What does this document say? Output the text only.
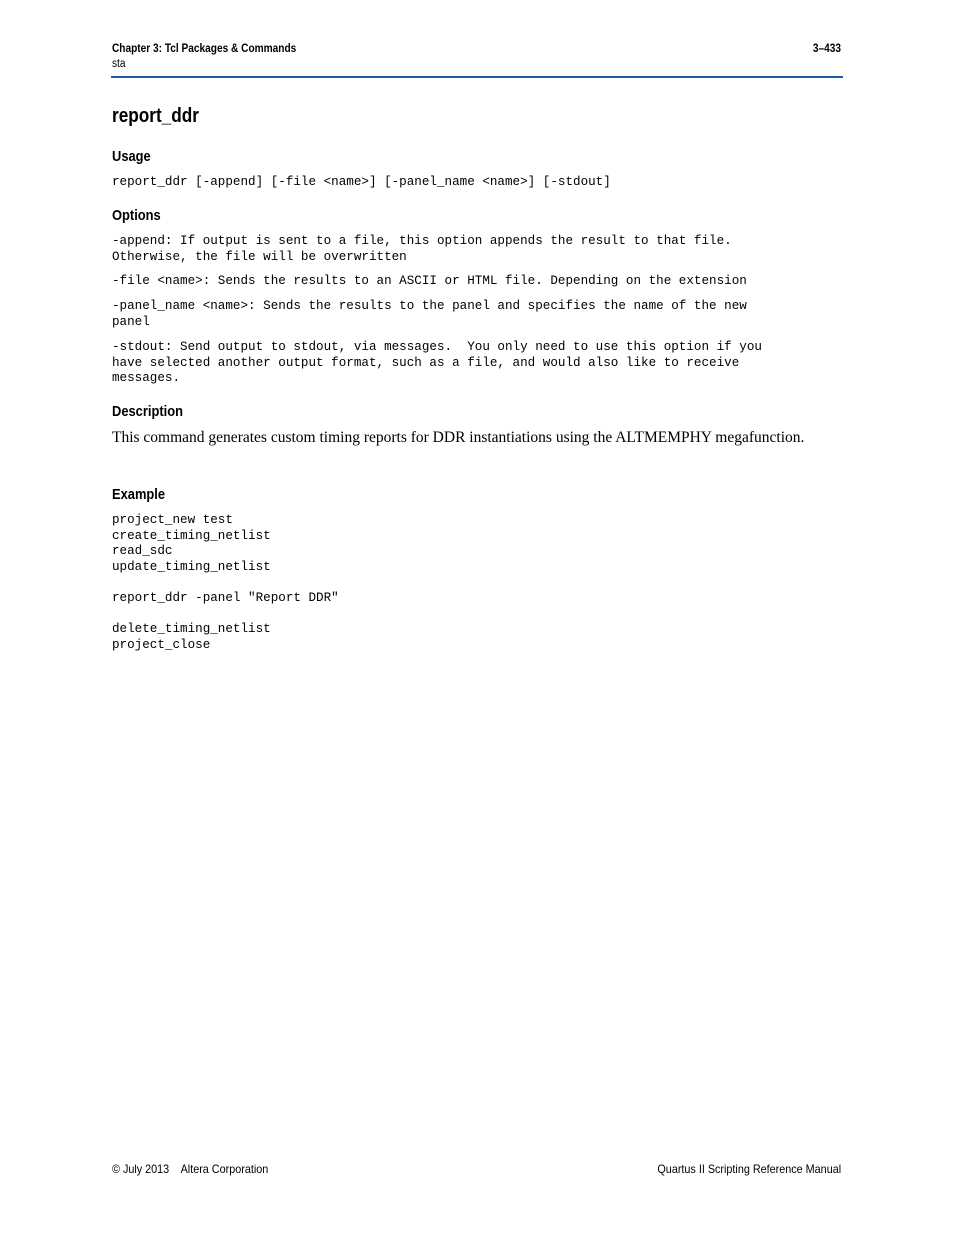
Chapter 3: Tcl Packages & Commands
sta
3–433
report_ddr
Usage
report_ddr [-append] [-file <name>] [-panel_name <name>] [-stdout]
Options
-append: If output is sent to a file, this option appends the result to that file.
Otherwise, the file will be overwritten
-file <name>: Sends the results to an ASCII or HTML file. Depending on the extension
-panel_name <name>: Sends the results to the panel and specifies the name of the new
panel
-stdout: Send output to stdout, via messages.  You only need to use this option if you
have selected another output format, such as a file, and would also like to receive
messages.
Description
This command generates custom timing reports for DDR instantiations using the ALTMEMPHY megafunction.
Example
project_new test
create_timing_netlist
read_sdc
update_timing_netlist
report_ddr -panel "Report DDR"
delete_timing_netlist
project_close
© July 2013    Altera Corporation	Quartus II Scripting Reference Manual
